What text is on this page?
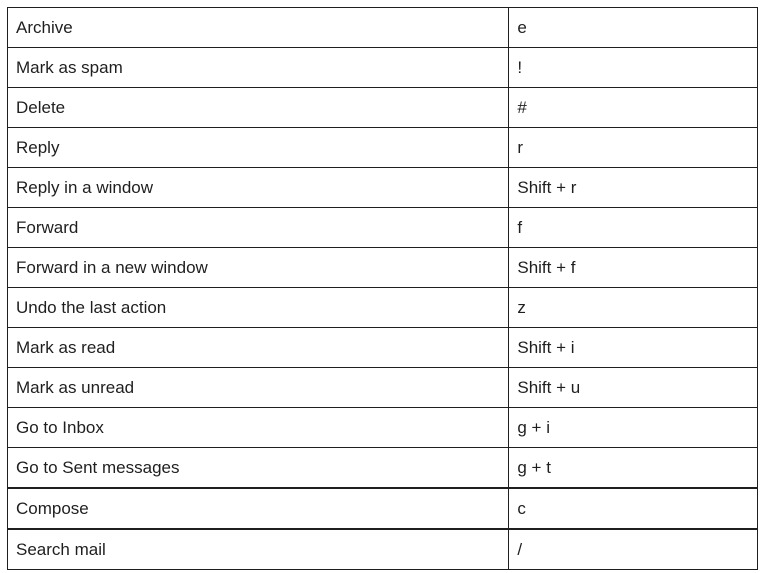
Archive	e
Mark as spam	!
Delete	#
Reply	r
Reply in a window	Shift + r
Forward	f
Forward in a new window	Shift + f
Undo the last action	z
Mark as read	Shift + i
Mark as unread	Shift + u
Go to Inbox	g + i
Go to Sent messages	g + t
Compose	c
Search mail	/
